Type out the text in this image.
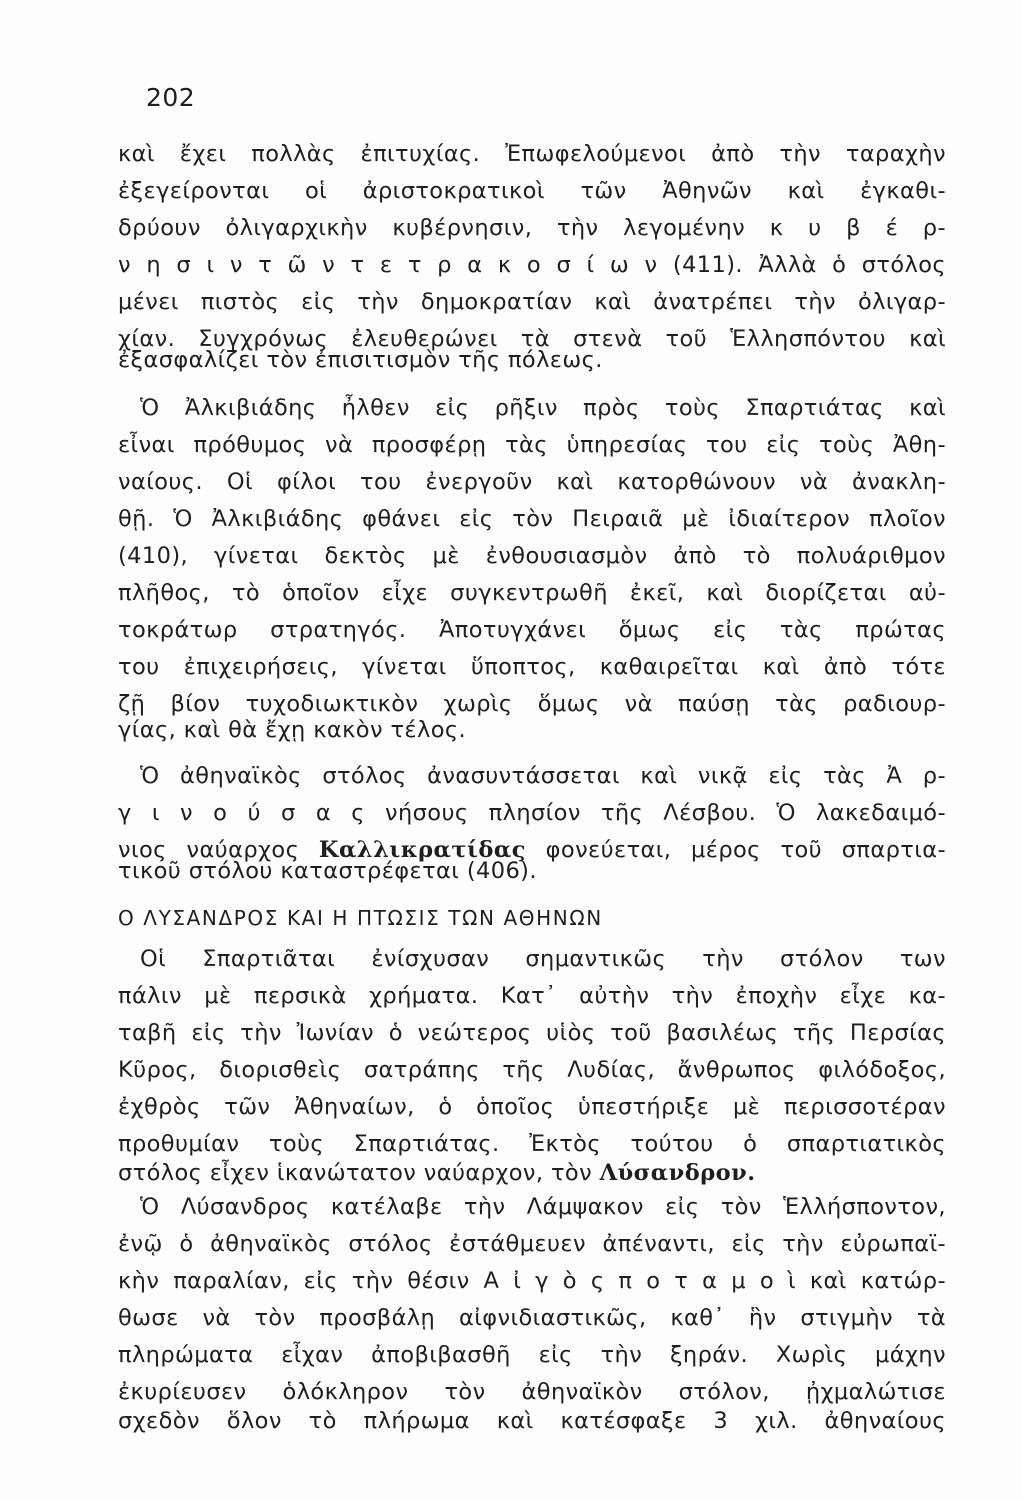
202
καὶ ἔχει πολλὰς ἐπιτυχίας. Ἐπωφελούμενοι ἀπὸ τὴν ταραχὴν
ἐξεγείρονται οἱ ἀριστοκρατικοὶ τῶν Ἀθηνῶν καὶ ἐγκαθι-
δρύουν ὀλιγαρχικὴν κυβέρνησιν, τὴν λεγομένην κ υ β έ ρ-
ν η σ ι ν τ ῶ ν τ ε τ ρ α κ ο σ ί ω ν (411). Ἀλλὰ ὁ στόλος
μένει πιστὸς εἰς τὴν δημοκρατίαν καὶ ἀνατρέπει τὴν ὀλιγαρ-
χίαν. Συγχρόνως ἐλευθερώνει τὰ στενὰ τοῦ Ἑλλησπόντου καὶ
ἐξασφαλίζει τὸν ἐπισιτισμὸν τῆς πόλεως.
Ὁ Ἀλκιβιάδης ἦλθεν εἰς ρῆξιν πρὸς τοὺς Σπαρτιάτας καὶ
εἶναι πρόθυμος νὰ προσφέρῃ τὰς ὑπηρεσίας του εἰς τοὺς Ἀθη-
ναίους. Οἱ φίλοι του ἐνεργοῦν καὶ κατορθώνουν νὰ ἀνακλη-
θῇ. Ὁ Ἀλκιβιάδης φθάνει εἰς τὸν Πειραιᾶ μὲ ἰδιαίτερον πλοῖον
(410), γίνεται δεκτὸς μὲ ἐνθουσιασμὸν ἀπὸ τὸ πολυάριθμον
πλῆθος, τὸ ὁποῖον εἶχε συγκεντρωθῆ ἐκεῖ, καὶ διορίζεται αὐ-
τοκράτωρ στρατηγός. Ἀποτυγχάνει ὅμως εἰς τὰς πρώτας
του ἐπιχειρήσεις, γίνεται ὕποπτος, καθαιρεῖται καὶ ἀπὸ τότε
ζῇ βίον τυχοδιωκτικὸν χωρὶς ὅμως νὰ παύσῃ τὰς ραδιουρ-
γίας, καὶ θὰ ἔχῃ κακὸν τέλος.
Ὁ ἀθηναϊκὸς στόλος ἀνασυντάσσεται καὶ νικᾷ εἰς τὰς Ἀ ρ-
γ ι ν ο ύ σ α ς νήσους πλησίον τῆς Λέσβου. Ὁ λακεδαιμό-
νιος ναύαρχος Καλλικρατίδας φονεύεται, μέρος τοῦ σπαρτια-
τικοῦ στόλου καταστρέφεται (406).
Ο ΛΥΣΑΝΔΡΟΣ ΚΑΙ Η ΠΤΩΣΙΣ ΤΩΝ ΑΘΗΝΩΝ
Οἱ Σπαρτιᾶται ἐνίσχυσαν σημαντικῶς τὴν στόλον των
πάλιν μὲ περσικὰ χρήματα. Κατ᾽ αὐτὴν τὴν ἐποχὴν εἶχε κα-
ταβῆ εἰς τὴν Ἰωνίαν ὁ νεώτερος υἱὸς τοῦ βασιλέως τῆς Περσίας
Κῦρος, διορισθεὶς σατράπης τῆς Λυδίας, ἄνθρωπος φιλόδοξος,
ἐχθρὸς τῶν Ἀθηναίων, ὁ ὁποῖος ὑπεστήριξε μὲ περισσοτέραν
προθυμίαν τοὺς Σπαρτιάτας. Ἐκτὸς τούτου ὁ σπαρτιατικὸς
στόλος εἶχεν ἱκανώτατον ναύαρχον, τὸν Λύσανδρον.
Ὁ Λύσανδρος κατέλαβε τὴν Λάμψακον εἰς τὸν Ἑλλήσποντον,
ἐνῷ ὁ ἀθηναϊκὸς στόλος ἐστάθμευεν ἀπέναντι, εἰς τὴν εὐρωπαϊ-
κὴν παραλίαν, εἰς τὴν θέσιν Α ἰ γ ὸ ς π ο τ α μ ο ὶ καὶ κατώρ-
θωσε νὰ τὸν προσβάλῃ αἰφνιδιαστικῶς, καθ᾽ ἣν στιγμὴν τὰ
πληρώματα εἶχαν ἀποβιβασθῆ εἰς τὴν ξηράν. Χωρὶς μάχην
ἐκυρίευσεν ὁλόκληρον τὸν ἀθηναϊκὸν στόλον, ᾐχμαλώτισε
σχεδὸν ὅλον τὸ πλήρωμα καὶ κατέσφαξε 3 χιλ. ἀθηναίους
